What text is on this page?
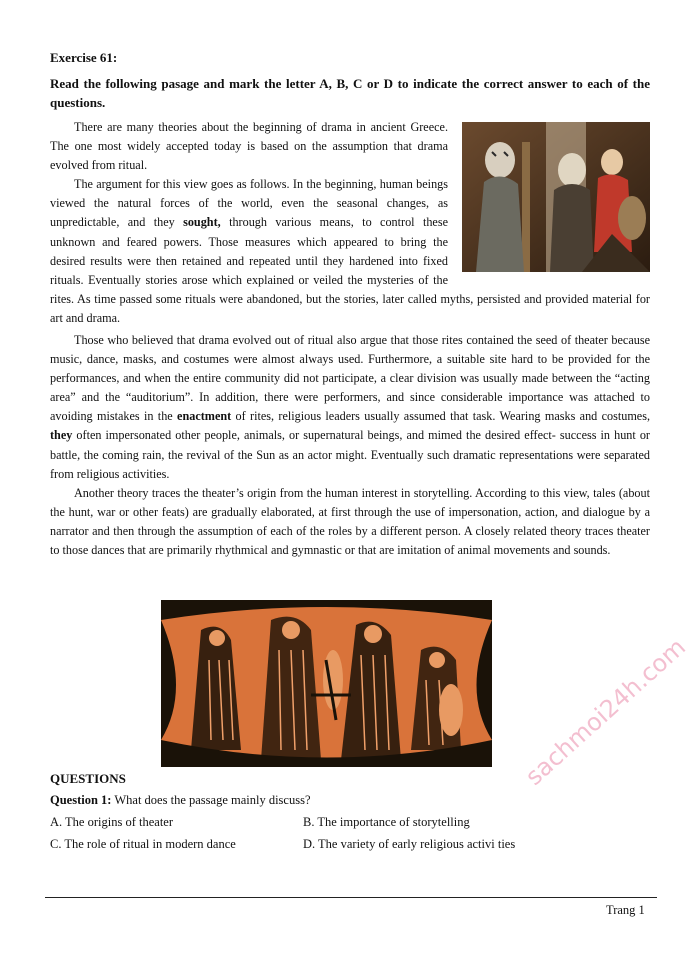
Exercise 61:
Read the following pasage and mark the letter A, B, C or D to indicate the correct answer to each of the questions.

There are many theories about the beginning of drama in ancient Greece. The one most widely accepted today is based on the assumption that drama evolved from ritual.

The argument for this view goes as follows. In the beginning, human beings viewed the natural forces of the world, even the seasonal changes, as unpredictable, and they sought, through various means, to control these unknown and feared powers. Those measures which appeared to bring the desired results were then retained and repeated until they hardened into fixed rituals. Eventually stories arose which explained or veiled the mysteries of the rites. As time passed some rituals were abandoned, but the stories, later called myths, persisted and provided material for art and drama.

Those who believed that drama evolved out of ritual also argue that those rites contained the seed of theater because music, dance, masks, and costumes were almost always used. Furthermore, a suitable site hard to be provided for the performances, and when the entire community did not participate, a clear division was usually made between the “acting area” and the “auditorium”. In addition, there were performers, and since considerable importance was attached to avoiding mistakes in the enactment of rites, religious leaders usually assumed that task. Wearing masks and costumes, they often impersonated other people, animals, or supernatural beings, and mimed the desired effect- success in hunt or battle, the coming rain, the revival of the Sun as an actor might. Eventually such dramatic representations were separated from religious activities.

Another theory traces the theater’s origin from the human interest in storytelling. According to this view, tales (about the hunt, war or other feats) are gradually elaborated, at first through the use of impersonation, action, and dialogue by a narrator and then through the assumption of each of the roles by a different person. A closely related theory traces theater to those dances that are primarily rhythmical and gymnastic or that are imitation of animal movements and sounds.

QUESTIONS
Question 1: What does the passage mainly discuss?
A. The origins of theater	B. The importance of storytelling
C. The role of ritual in modern dance	D. The variety of early religious activi ties
sachmoi24h.com
Trang 1
